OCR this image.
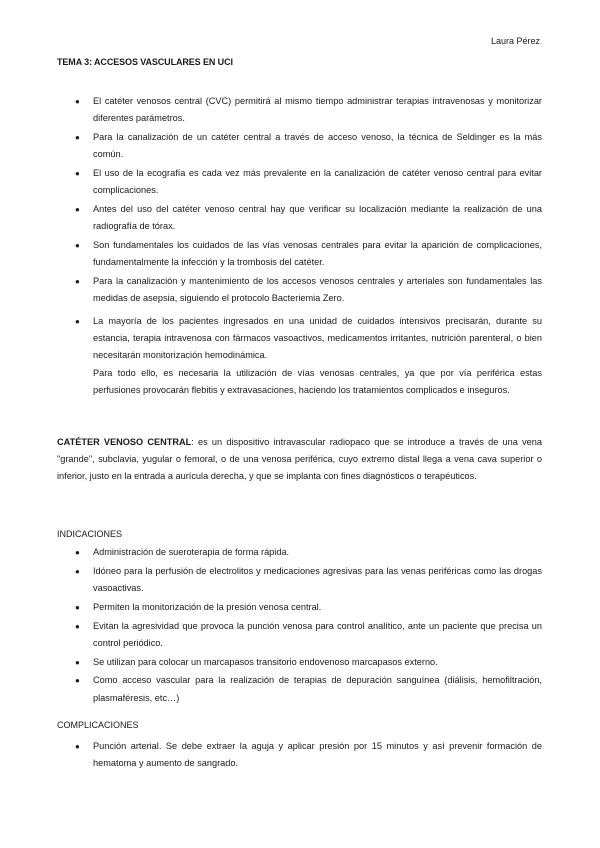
Laura Pérez
TEMA 3: ACCESOS VASCULARES EN UCI
● El catéter venosos central (CVC) permitirá al mismo tiempo administrar terapias intravenosas y monitorizar diferentes parámetros.
● Para la canalización de un catéter central a través de acceso venoso, la técnica de Seldinger es la más común.
● El uso de la ecografía es cada vez más prevalente en la canalización de catéter venoso central para evitar complicaciones.
● Antes del uso del catéter venoso central hay que verificar su localización mediante la realización de una radiografía de tórax.
● Son fundamentales los cuidados de las vías venosas centrales para evitar la aparición de complicaciones, fundamentalmente la infección y la trombosis del catéter.
● Para la canalización y mantenimiento de los accesos venosos centrales y arteriales son fundamentales las medidas de asepsia, siguiendo el protocolo Bacteriemia Zero.
● La mayoría de los pacientes ingresados en una unidad de cuidados intensivos precisarán, durante su estancia, terapia intravenosa con fármacos vasoactivos, medicamentos irritantes, nutrición parenteral, o bien necesitarán monitorización hemodinámica.
Para todo ello, es necesaria la utilización de vías venosas centrales, ya que por vía periférica estas perfusiones provocarán flebitis y extravasaciones, haciendo los tratamientos complicados e inseguros.
CATÉTER VENOSO CENTRAL: es un dispositivo intravascular radiopaco que se introduce a través de una vena "grande", subclavia, yugular o femoral, o de una venosa periférica, cuyo extremo distal llega a vena cava superior o inferior, justo en la entrada a aurícula derecha, y que se implanta con fines diagnósticos o terapéuticos.
INDICACIONES
● Administración de sueroterapia de forma rápida.
● Idóneo para la perfusión de electrolitos y medicaciones agresivas para las venas periféricas como las drogas vasoactivas.
● Permiten la monitorización de la presión venosa central.
● Evitan la agresividad que provoca la punción venosa para control analítico, ante un paciente que precisa un control periódico.
● Se utilizan para colocar un marcapasos transitorio endovenoso marcapasos externo.
● Como acceso vascular para la realización de terapias de depuración sanguínea (diálisis, hemofiltración, plasmaféresis, etc…)
COMPLICACIONES
● Punción arterial. Se debe extraer la aguja y aplicar presión por 15 minutos y así prevenir formación de hematoma y aumento de sangrado.
